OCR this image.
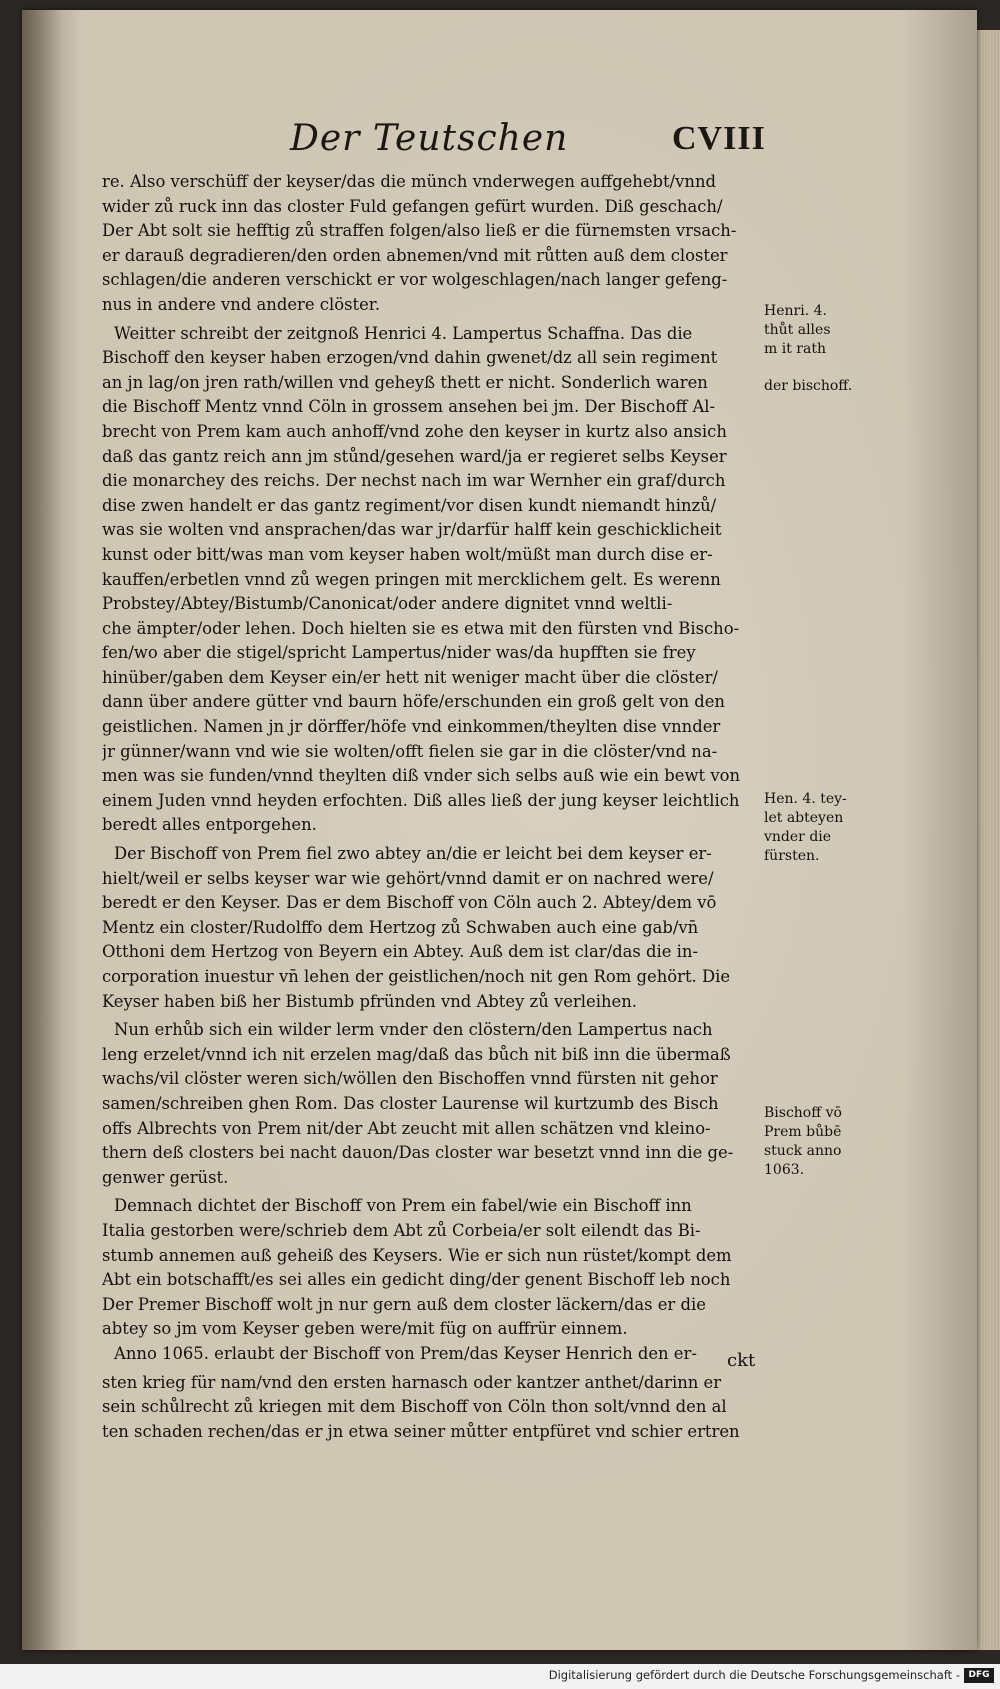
Der Teutschen	CVIII
re. Also verschüff der keyser/das die münch vnderwegen auffgehebt/vnnd
wider zů ruck inn das closter Fuld gefangen gefürt wurden. Diß geschach/
Der Abt solt sie hefftig zů straffen folgen/also ließ er die fürnemsten vrsach-
er darauß degradieren/den orden abnemen/vnd mit růtten auß dem closter
schlagen/die anderen verschickt er vor wolgeschlagen/nach langer gefeng-
nus in andere vnd andere clöster.
Weitter schreibt der zeitgnoß Henrici 4. Lampertus Schaffna. Das die
Bischoff den keyser haben erzogen/vnd dahin gwenet/dz all sein regiment
an jn lag/on jren rath/willen vnd geheyß thett er nicht. Sonderlich waren
die Bischoff Mentz vnnd Cöln in grossem ansehen bei jm. Der Bischoff Al-
brecht von Prem kam auch anhoff/vnd zohe den keyser in kurtz also ansich
daß das gantz reich ann jm stůnd/gesehen ward/ja er regieret selbs Keyser
die monarchey des reichs. Der nechst nach im war Wernher ein graf/durch
dise zwen handelt er das gantz regiment/vor disen kundt niemandt hinzů/
was sie wolten vnd ansprachen/das war jr/darfür halff kein geschicklicheit
kunst oder bitt/was man vom keyser haben wolt/müßt man durch dise er-
kauffen/erbetlen vnnd zů wegen pringen mit mercklichem gelt. Es werenn
Probstey/Abtey/Bistumb/Canonicat/oder andere dignitet vnnd weltli-
che ämpter/oder lehen. Doch hielten sie es etwa mit den fürsten vnd Bischo-
fen/wo aber die stigel/spricht Lampertus/nider was/da hupfften sie frey
hinüber/gaben dem Keyser ein/er hett nit weniger macht über die clöster/
dann über andere gütter vnd baurn höfe/erschunden ein groß gelt von den
geistlichen. Namen jn jr dörffer/höfe vnd einkommen/theylten dise vnnder
jr günner/wann vnd wie sie wolten/offt fielen sie gar in die clöster/vnd na-
men was sie funden/vnnd theylten diß vnder sich selbs auß wie ein bewt von
einem Juden vnnd heyden erfochten. Diß alles ließ der jung keyser leichtlich
beredt alles entporgehen.
Der Bischoff von Prem fiel zwo abtey an/die er leicht bei dem keyser er-
hielt/weil er selbs keyser war wie gehört/vnnd damit er on nachred were/
beredt er den Keyser. Das er dem Bischoff von Cöln auch 2. Abtey/dem vō
Mentz ein closter/Rudolffo dem Hertzog zů Schwaben auch eine gab/vn̄
Otthoni dem Hertzog von Beyern ein Abtey. Auß dem ist clar/das die in-
corporation inuestur vn̄ lehen der geistlichen/noch nit gen Rom gehört. Die
Keyser haben biß her Bistumb pfründen vnd Abtey zů verleihen.
Nun erhůb sich ein wilder lerm vnder den clöstern/den Lampertus nach
leng erzelet/vnnd ich nit erzelen mag/daß das bůch nit biß inn die übermaß
wachs/vil clöster weren sich/wöllen den Bischoffen vnnd fürsten nit gehor
samen/schreiben ghen Rom. Das closter Laurense wil kurtzumb des Bisch
offs Albrechts von Prem nit/der Abt zeucht mit allen schätzen vnd kleino-
thern deß closters bei nacht dauon/Das closter war besetzt vnnd inn die ge-
genwer gerüst.
Demnach dichtet der Bischoff von Prem ein fabel/wie ein Bischoff inn
Italia gestorben were/schrieb dem Abt zů Corbeia/er solt eilendt das Bi-
stumb annemen auß geheiß des Keysers. Wie er sich nun rüstet/kompt dem
Abt ein botschafft/es sei alles ein gedicht ding/der genent Bischoff leb noch
Der Premer Bischoff wolt jn nur gern auß dem closter läckern/das er die
abtey so jm vom Keyser geben were/mit füg on auffrür einnem.
Anno 1065. erlaubt der Bischoff von Prem/das Keyser Henrich den er-
sten krieg für nam/vnd den ersten harnasch oder kantzer anthet/darinn er
sein schůlrecht zů kriegen mit dem Bischoff von Cöln thon solt/vnnd den al
ten schaden rechen/das er jn etwa seiner můtter entpfüret vnd schier ertren
Henri. 4.
thůt alles
m it rath
der bischoff.
Hen. 4. tey-
let abteyen
vnder die
fürsten.
Bischoff vō
Prem bůbē
stuck anno
1063.
ckt
Digitalisierung gefördert durch die Deutsche Forschungsgemeinschaft - DFG
